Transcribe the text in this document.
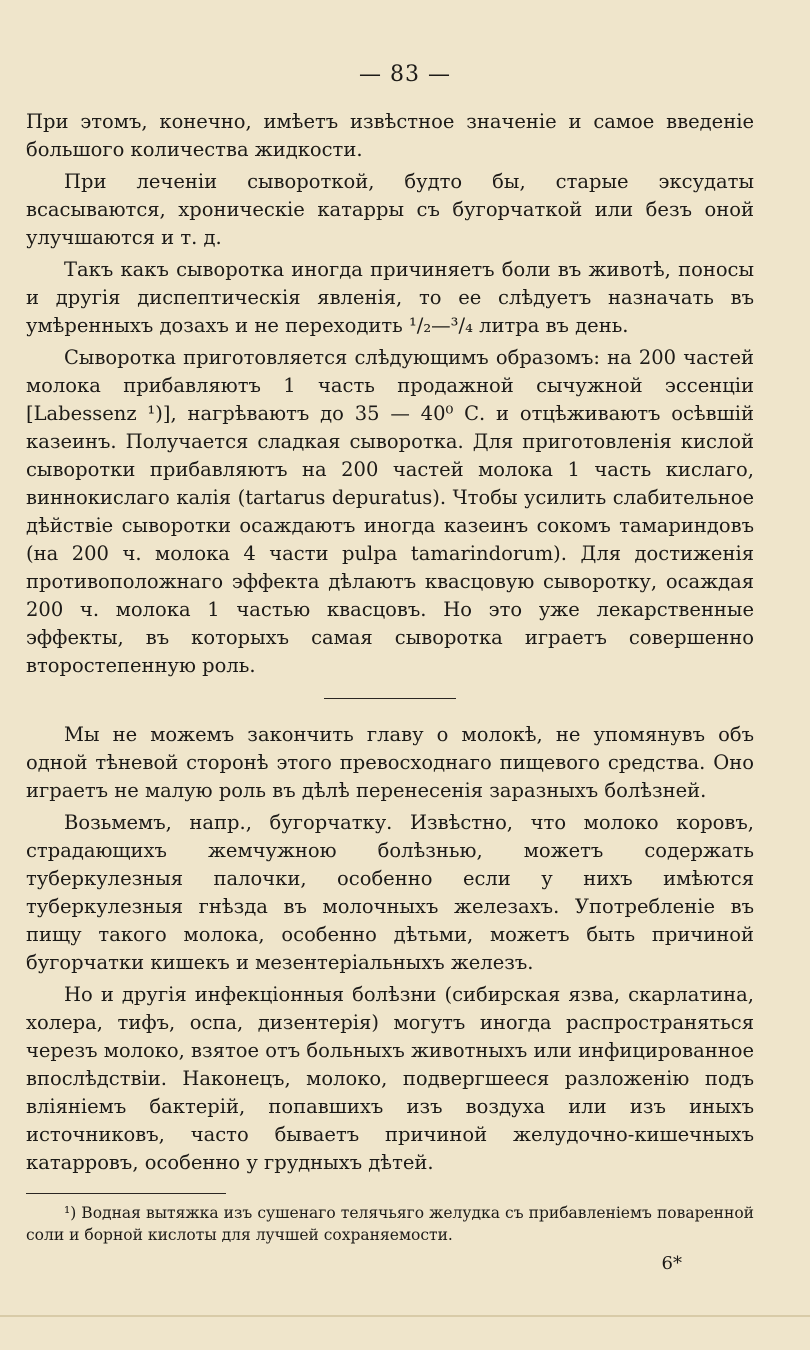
— 83 —

При этомъ, конечно, имѣетъ извѣстное значенiе и самое введенiе большого количества жидкости.

При леченiи сывороткой, будто бы, старые эксудаты всасываются, хроническiе катарры съ бугорчаткой или безъ оной улучшаются и т. д.

Такъ какъ сыворотка иногда причиняетъ боли въ животѣ, поносы и другiя диспептическiя явленiя, то ее слѣдуетъ назначать въ умѣренныхъ дозахъ и не переходить ¹/₂—³/₄ литра въ день.

Сыворотка приготовляется слѣдующимъ образомъ: на 200 частей молока прибавляютъ 1 часть продажной сычужной эссенцiи [Labessenz ¹)], нагрѣваютъ до 35 — 40⁰ С. и отцѣживаютъ осѣвшiй казеинъ. Получается сладкая сыворотка. Для приготовленiя кислой сыворотки прибавляютъ на 200 частей молока 1 часть кислаго, виннокислаго калiя (tartarus depuratus). Чтобы усилить слабительное дѣйствiе сыворотки осаждаютъ иногда казеинъ сокомъ тамариндовъ (на 200 ч. молока 4 части pulpa tamarindorum). Для достиженiя противоположнаго эффекта дѣлаютъ квасцовую сыворотку, осаждая 200 ч. молока 1 частью квасцовъ. Но это уже лекарственные эффекты, въ которыхъ самая сыворотка играетъ совершенно второстепенную роль.

Мы не можемъ закончить главу о молокѣ, не упомянувъ объ одной тѣневой сторонѣ этого превосходнаго пищевого средства. Оно играетъ не малую роль въ дѣлѣ перенесенiя заразныхъ болѣзней.

Возьмемъ, напр., бугорчатку. Извѣстно, что молоко коровъ, страдающихъ жемчужною болѣзнью, можетъ содержать туберкулезныя палочки, особенно если у нихъ имѣются туберкулезныя гнѣзда въ молочныхъ железахъ. Употребленiе въ пищу такого молока, особенно дѣтьми, можетъ быть причиной бугорчатки кишекъ и мезентерiальныхъ железъ.

Но и другiя инфекцiонныя болѣзни (сибирская язва, скарлатина, холера, тифъ, оспа, дизентерiя) могутъ иногда распространяться черезъ молоко, взятое отъ больныхъ животныхъ или инфицированное впослѣдствiи. Наконецъ, молоко, подвергшееся разложенiю подъ влiянiемъ бактерiй, попавшихъ изъ воздуха или изъ иныхъ источниковъ, часто бываетъ причиной желудочно-кишечныхъ катарровъ, особенно у грудныхъ дѣтей.

¹) Водная вытяжка изъ сушенаго телячьяго желудка съ прибавленiемъ поваренной соли и борной кислоты для лучшей сохраняемости.

6*
